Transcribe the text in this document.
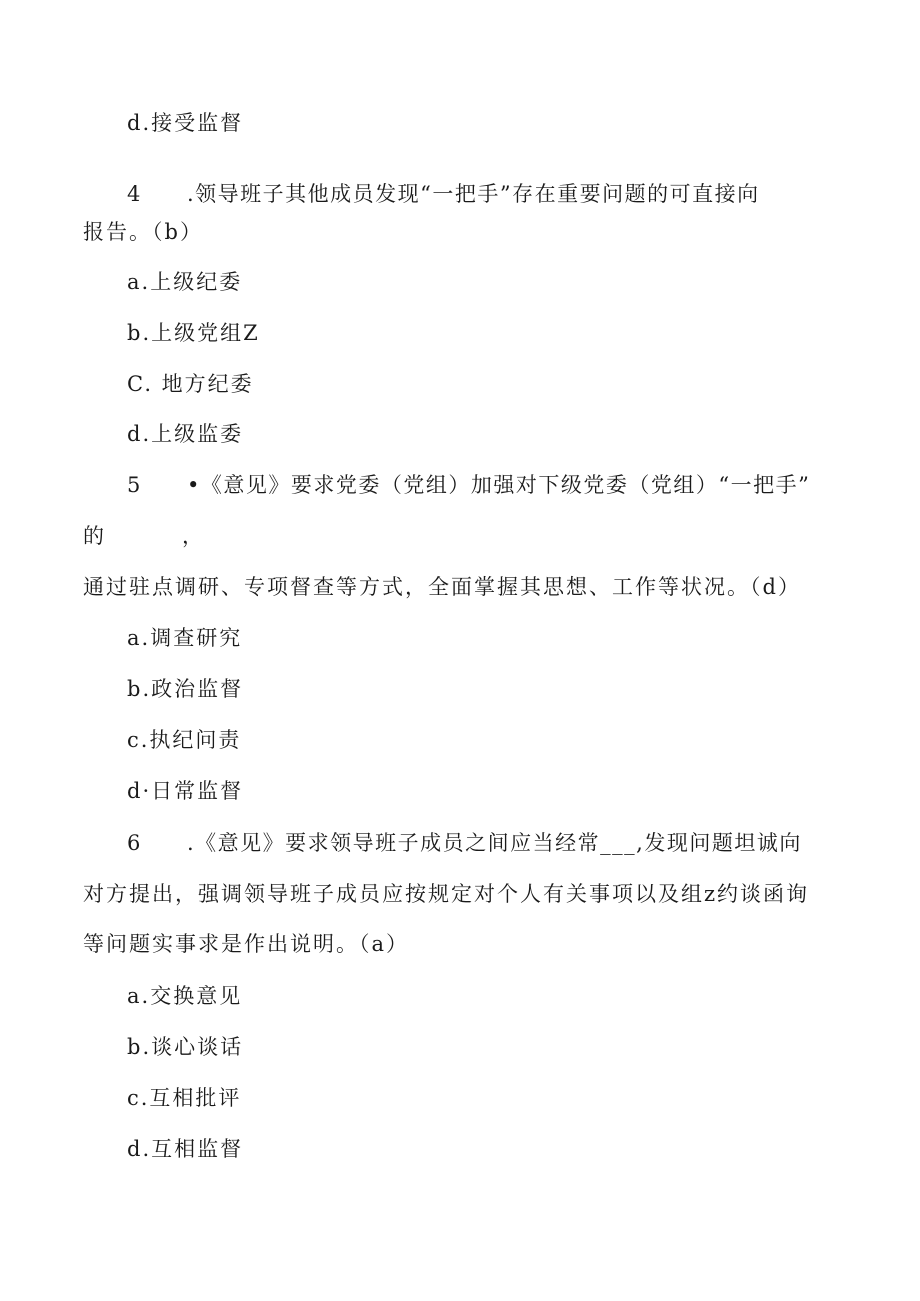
d.接受监督
4 .领导班子其他成员发现“一把手”存在重要问题的可直接向
报告。（b）
a.上级纪委
b.上级党组Z
C. 地方纪委
d.上级监委
5 •《意见》要求党委（党组）加强对下级党委（党组）“一把手”
的	，
通过驻点调研、专项督查等方式，全面掌握其思想、工作等状况。（d）
a.调查研究
b.政治监督
c.执纪问责
d·日常监督
6 .《意见》要求领导班子成员之间应当经常___,发现问题坦诚向
对方提出，强调领导班子成员应按规定对个人有关事项以及组z约谈函询
等问题实事求是作出说明。（a）
a.交换意见
b.谈心谈话
c.互相批评
d.互相监督
